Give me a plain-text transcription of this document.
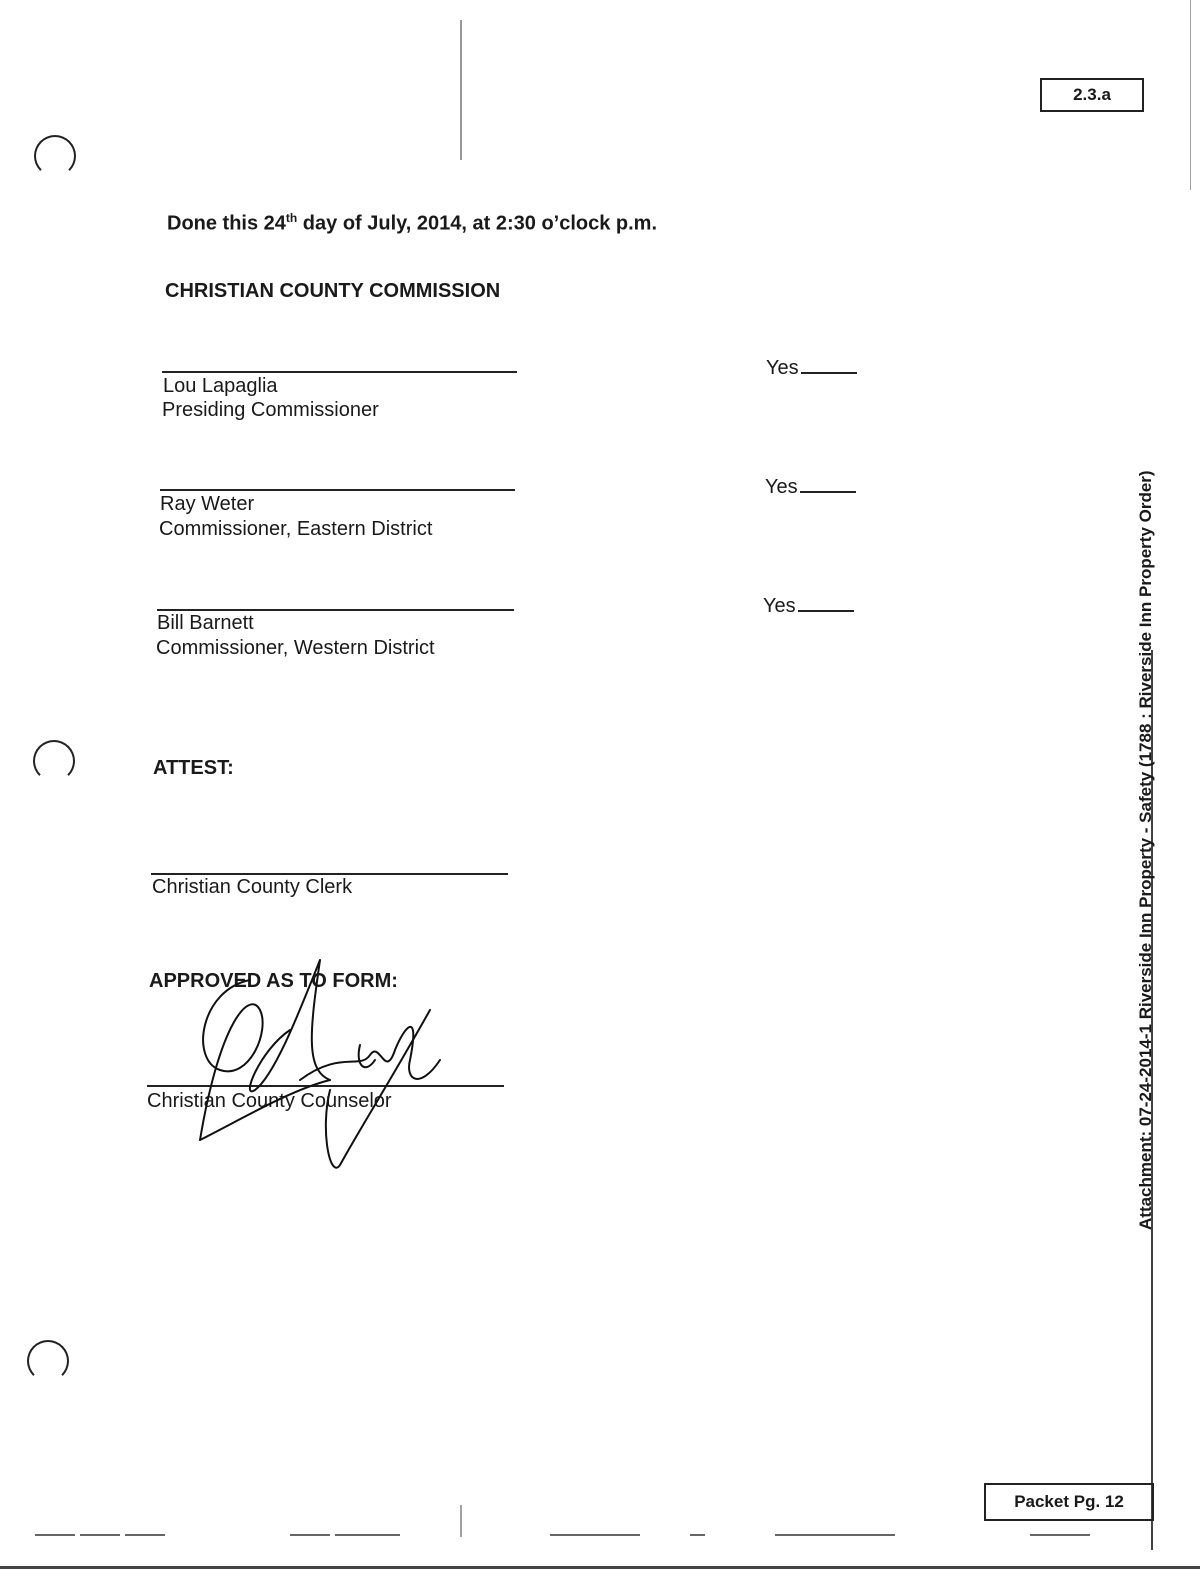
2.3.a
Done this 24th day of July, 2014, at 2:30 o’clock p.m.
CHRISTIAN COUNTY COMMISSION
Lou Lapaglia
Presiding Commissioner
Yes
Ray Weter
Commissioner, Eastern District
Yes
Bill Barnett
Commissioner, Western District
Yes
ATTEST:
Christian County Clerk
APPROVED AS TO FORM:
Christian County Counselor	Attachment: 07-24-2014-1 Riverside Inn Property - Safety (1788 : Riverside Inn Property Order)
Packet Pg. 12
